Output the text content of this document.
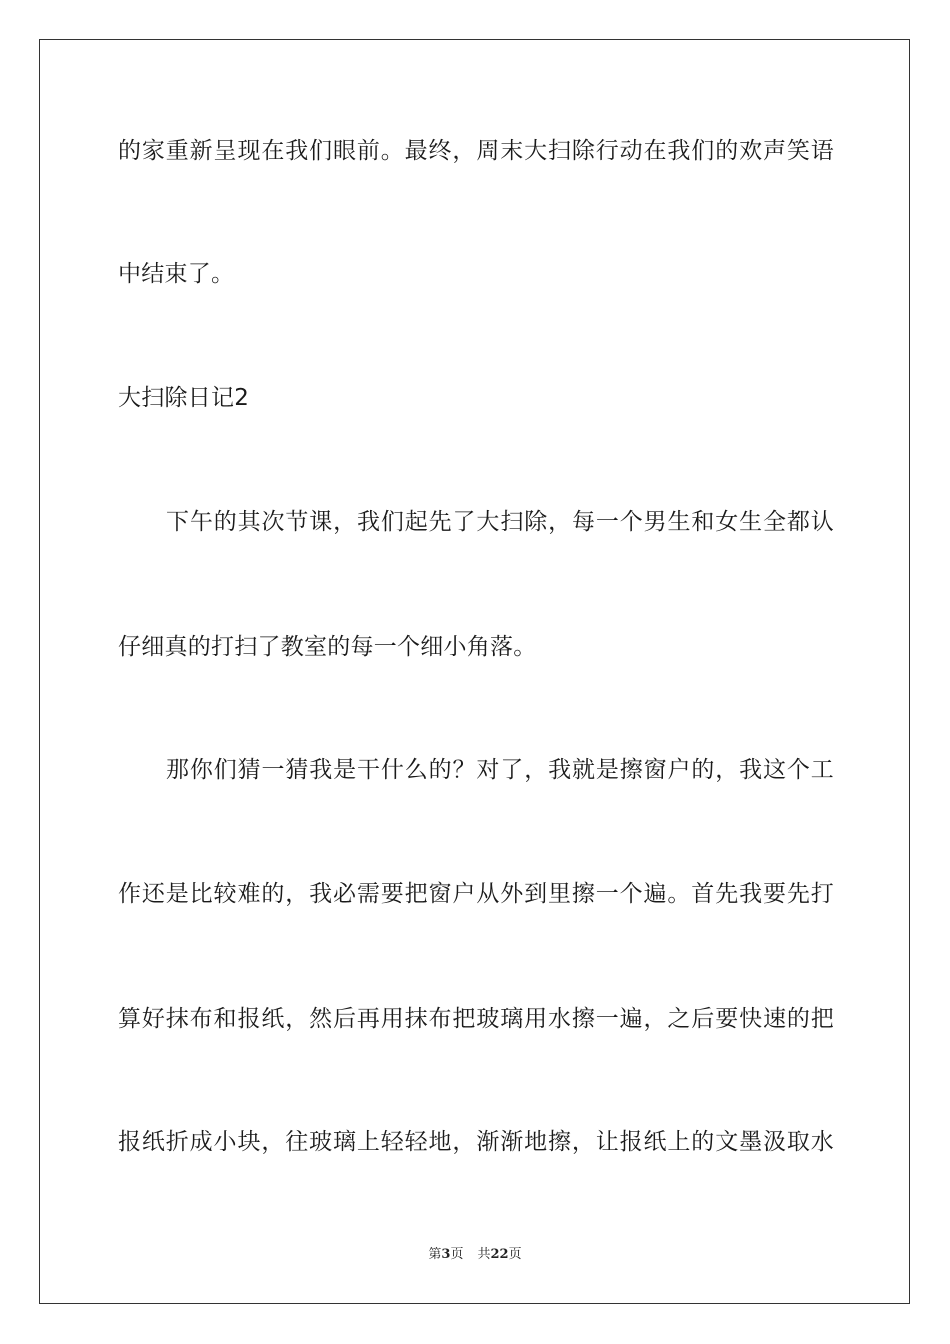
的家重新呈现在我们眼前。最终，周末大扫除行动在我们的欢声笑语
中结束了。
大扫除日记2
下午的其次节课，我们起先了大扫除，每一个男生和女生全都认
仔细真的打扫了教室的每一个细小角落。
那你们猜一猜我是干什么的？对了，我就是擦窗户的，我这个工
作还是比较难的，我必需要把窗户从外到里擦一个遍。首先我要先打
算好抹布和报纸，然后再用抹布把玻璃用水擦一遍，之后要快速的把
报纸折成小块，往玻璃上轻轻地，渐渐地擦，让报纸上的文墨汲取水
第3页 共22页
